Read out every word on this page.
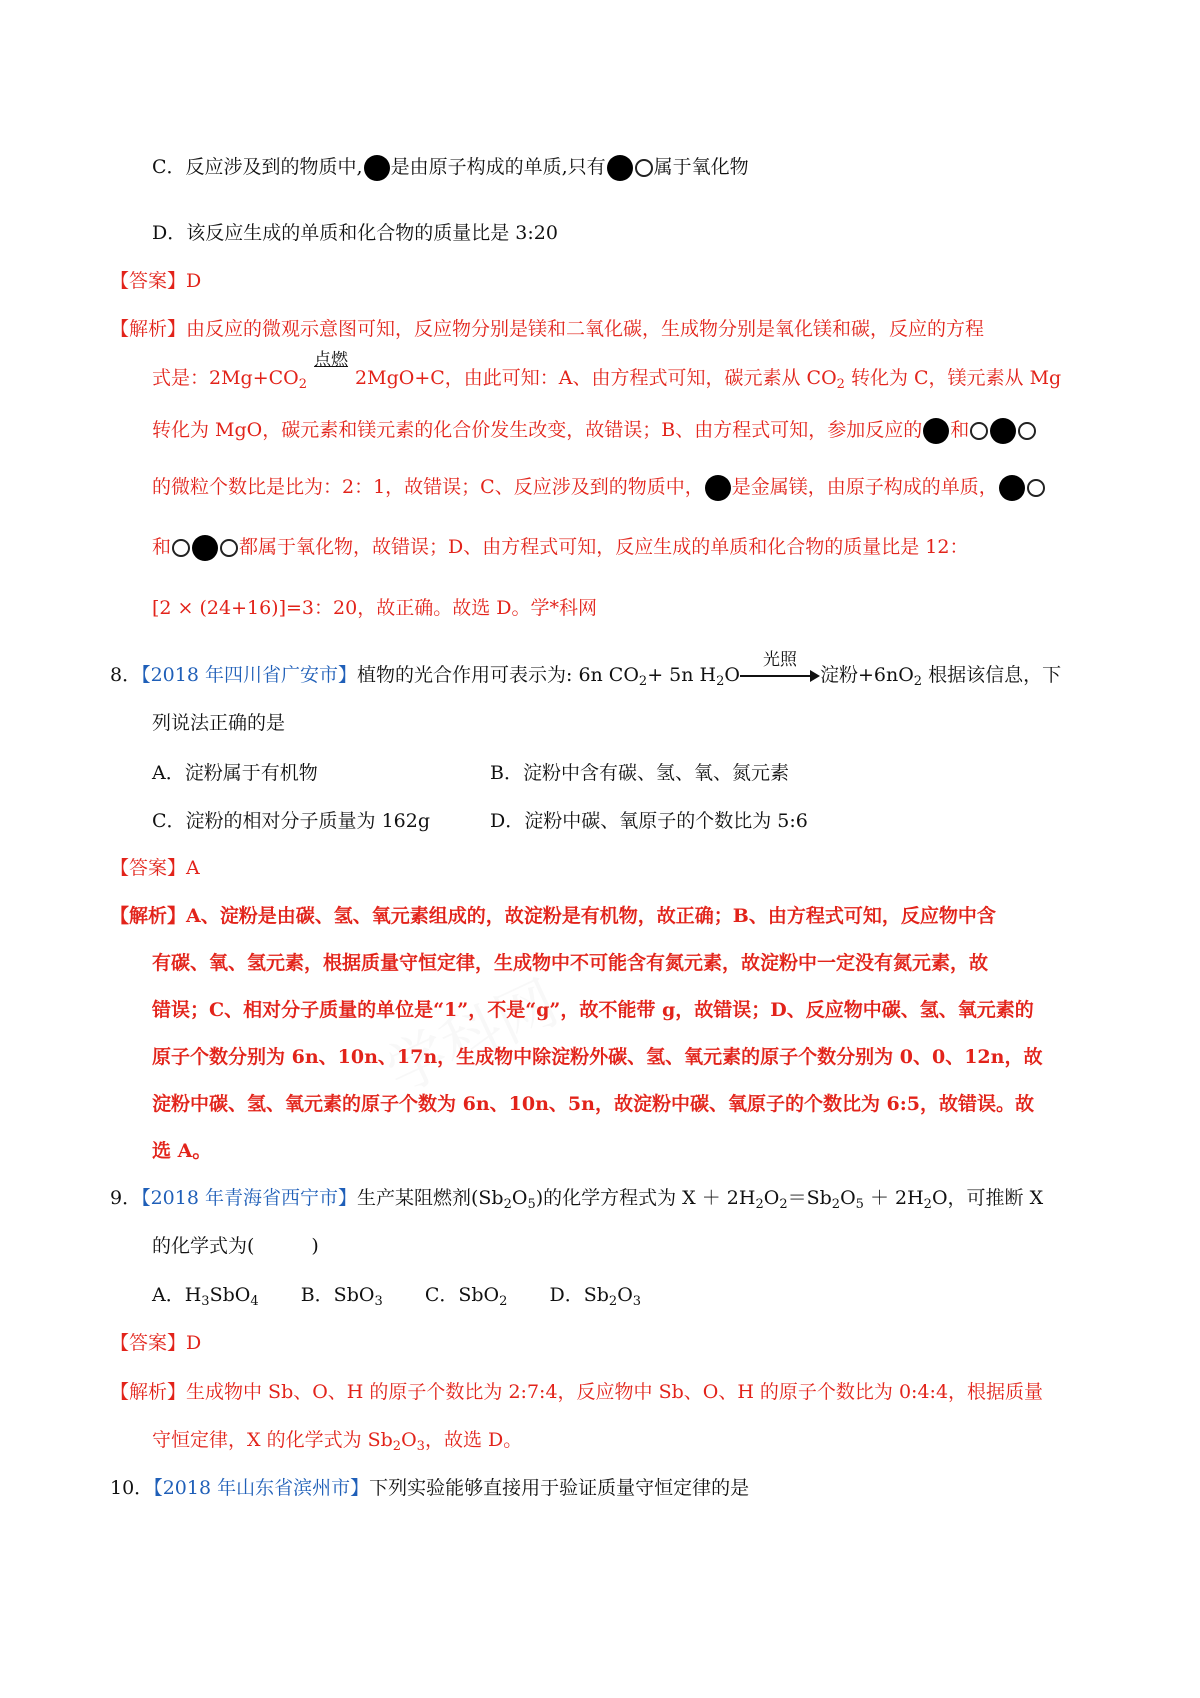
学科网
C．反应涉及到的物质中, 是由原子构成的单质,只有	属于氧化物
D．该反应生成的单质和化合物的质量比是 3:20
【答案】D
【解析】由反应的微观示意图可知，反应物分别是镁和二氧化碳，生成物分别是氧化镁和碳，反应的方程
式是：$2Mg+CO_2$
点燃
2MgO+C，由此可知：A、由方程式可知，碳元素从 $CO_2$ 转化为 C，镁元素从 Mg
转化为 MgO，碳元素和镁元素的化合价发生改变，故错误；B、由方程式可知，参加反应的 和
的微粒个数比是比为：2：1，故错误；C、反应涉及到的物质中， 是金属镁，由原子构成的单质，
和	都属于氧化物，故错误；D、由方程式可知，反应生成的单质和化合物的质量比是 12：
[2 × (24+16)]=3：20，故正确。故选 D。学*科网
8．【2018 年四川省广安市】植物的光合作用可表示为: 6n $CO_2+ 5n$ $H_2O$
光照
淀粉$+6nO_2$ 根据该信息，下
列说法正确的是
A．淀粉属于有机物	B．淀粉中含有碳、氢、氧、氮元素
C．淀粉的相对分子质量为 162g	D．淀粉中碳、氧原子的个数比为 5:6
【答案】A
【解析】A、淀粉是由碳、氢、氧元素组成的，故淀粉是有机物，故正确；B、由方程式可知，反应物中含
有碳、氧、氢元素，根据质量守恒定律，生成物中不可能含有氮元素，故淀粉中一定没有氮元素，故
错误；C、相对分子质量的单位是“1”，不是“g”，故不能带 g，故错误；D、反应物中碳、氢、氧元素的
原子个数分别为 6n、10n、17n，生成物中除淀粉外碳、氢、氧元素的原子个数分别为 0、0、12n，故
淀粉中碳、氢、氧元素的原子个数为 6n、10n、5n，故淀粉中碳、氧原子的个数比为 6:5，故错误。故
选 A。
9．【2018 年青海省西宁市】生产某阻燃剂$(Sb_2O_5)$的化学方程式为 $X + 2H_2O_2=Sb_2O_5 + 2H_2O$，可推断 X
的化学式为(　　　)
A．$H_3SbO_4$ B．SbO$_3$ C．SbO$_2$ D．$Sb_2O_3$
【答案】D
【解析】生成物中 Sb、O、H 的原子个数比为 2:7:4，反应物中 Sb、O、H 的原子个数比为 0:4:4，根据质量
守恒定律，X 的化学式为 $Sb_2O_3$，故选 D。
10．【2018 年山东省滨州市】下列实验能够直接用于验证质量守恒定律的是
